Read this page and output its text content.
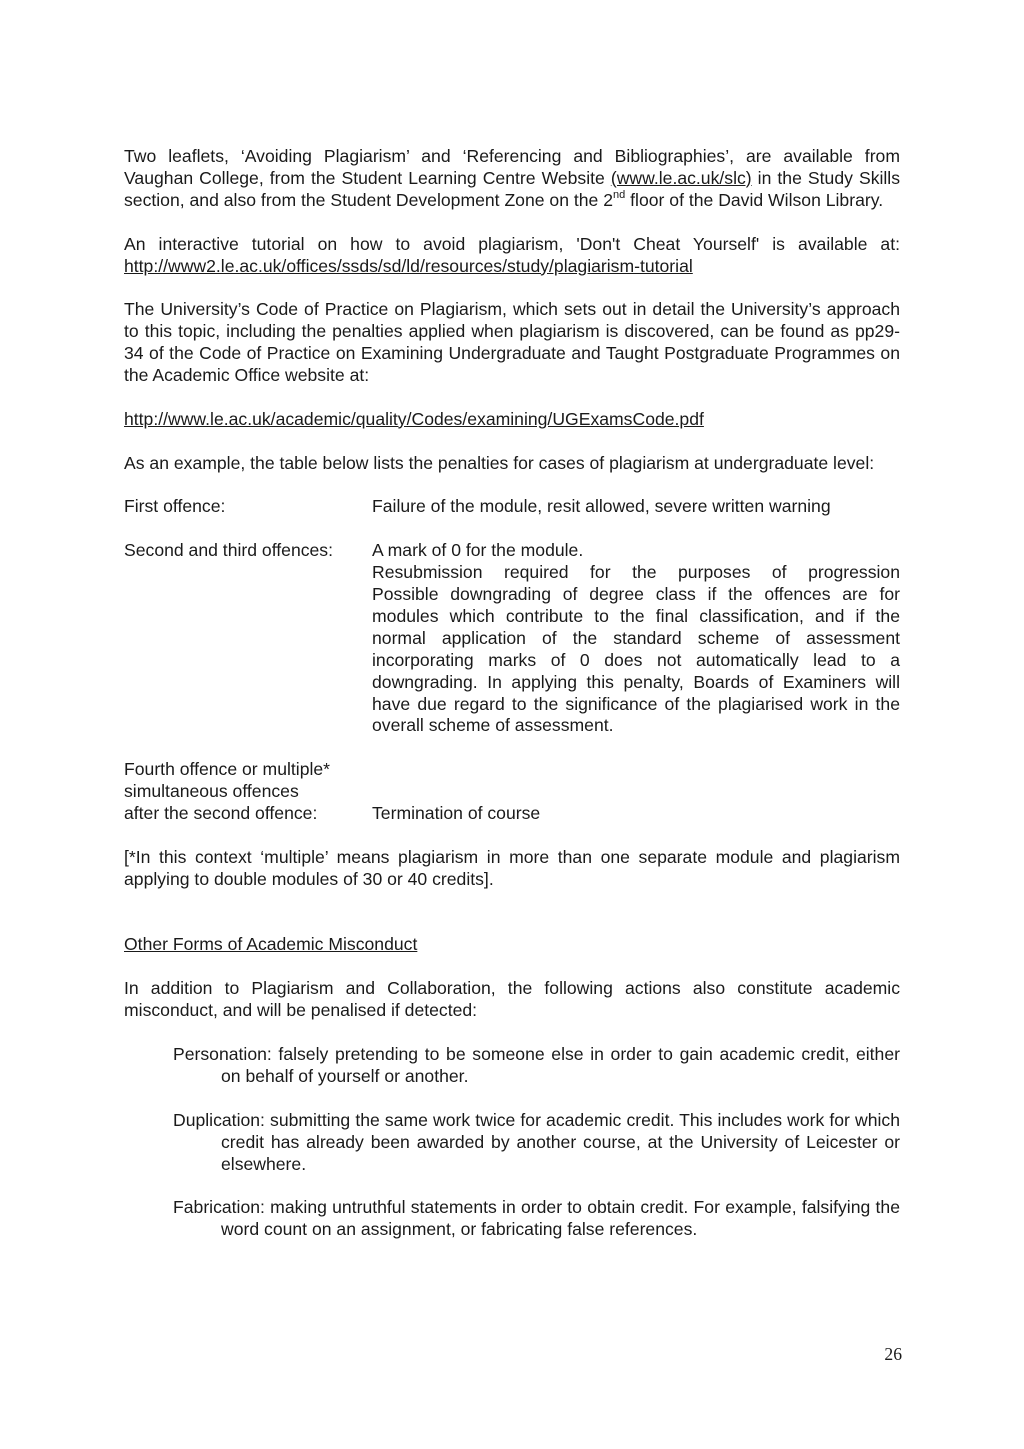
Two leaflets, ‘Avoiding Plagiarism’ and ‘Referencing and Bibliographies’, are available from Vaughan College, from the Student Learning Centre Website (www.le.ac.uk/slc) in the Study Skills section, and also from the Student Development Zone on the 2nd floor of the David Wilson Library.

An interactive tutorial on how to avoid plagiarism, 'Don't Cheat Yourself' is available at: http://www2.le.ac.uk/offices/ssds/sd/ld/resources/study/plagiarism-tutorial

The University’s Code of Practice on Plagiarism, which sets out in detail the University’s approach to this topic, including the penalties applied when plagiarism is discovered, can be found as pp29-34 of the Code of Practice on Examining Undergraduate and Taught Postgraduate Programmes on the Academic Office website at:

http://www.le.ac.uk/academic/quality/Codes/examining/UGExamsCode.pdf

As an example, the table below lists the penalties for cases of plagiarism at undergraduate level:

First offence:	Failure of the module, resit allowed, severe written warning
Second and third offences:	A mark of 0 for the module.
Resubmission required for the purposes of progression
Possible downgrading of degree class if the offences are for modules which contribute to the final classification, and if the normal application of the standard scheme of assessment incorporating marks of 0 does not automatically lead to a downgrading. In applying this penalty, Boards of Examiners will have due regard to the significance of the plagiarised work in the overall scheme of assessment.
Fourth offence or multiple*
simultaneous offences
after the second offence:	Termination of course

[*In this context ‘multiple’ means plagiarism in more than one separate module and plagiarism applying to double modules of 30 or 40 credits].

Other Forms of Academic Misconduct

In addition to Plagiarism and Collaboration, the following actions also constitute academic misconduct, and will be penalised if detected:

Personation: falsely pretending to be someone else in order to gain academic credit, either on behalf of yourself or another.

Duplication: submitting the same work twice for academic credit. This includes work for which credit has already been awarded by another course, at the University of Leicester or elsewhere.

Fabrication: making untruthful statements in order to obtain credit. For example, falsifying the word count on an assignment, or fabricating false references.

26
